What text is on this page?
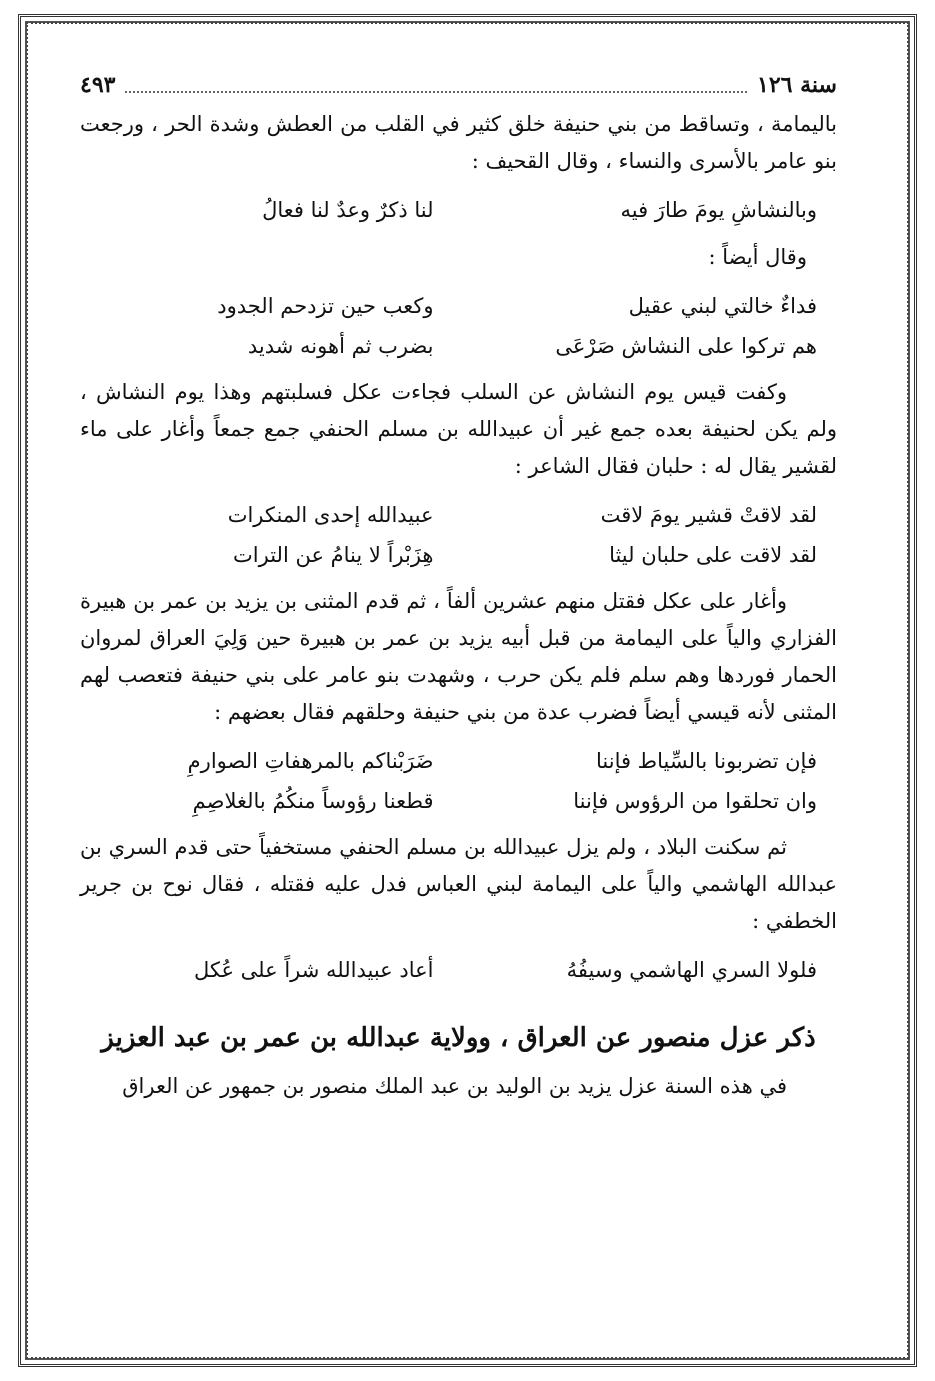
سنة ١٢٦
٤٩٣

باليمامة ، وتساقط من بني حنيفة خلق كثير في القلب من العطش وشدة الحر ، ورجعت بنو عامر بالأسرى والنساء ، وقال القحيف :

وبالنشاشِ يومَ طارَ فيه
لنا ذكرٌ وعدٌ لنا فعالُ
وقال أيضاً :
فداءٌ خالتي لبني عقيل
وكعب حين تزدحم الجدود
هم تركوا على النشاش صَرْعَى
بضرب ثم أهونه شديد

وكفت قيس يوم النشاش عن السلب فجاءت عكل فسلبتهم وهذا يوم النشاش ، ولم يكن لحنيفة بعده جمع غير أن عبيدالله بن مسلم الحنفي جمع جمعاً وأغار على ماء لقشير يقال له : حلبان فقال الشاعر :

لقد لاقتْ قشير يومَ لاقت
عبيدالله إحدى المنكرات
لقد لاقت على حلبان ليثا
هِزَبْراً لا ينامُ عن الترات

وأغار على عكل فقتل منهم عشرين ألفاً ، ثم قدم المثنى بن يزيد بن عمر بن هبيرة الفزاري والياً على اليمامة من قبل أبيه يزيد بن عمر بن هبيرة حين وَلِيَ العراق لمروان الحمار فوردها وهم سلم فلم يكن حرب ، وشهدت بنو عامر على بني حنيفة فتعصب لهم المثنى لأنه قيسي أيضاً فضرب عدة من بني حنيفة وحلقهم فقال بعضهم :

فإن تضربونا بالسِّياط فإننا
ضَرَبْناكم بالمرهفاتِ الصوارمِ
وان تحلقوا من الرؤوس فإننا
قطعنا رؤوساً منكُمُ بالغلاصِمِ

ثم سكنت البلاد ، ولم يزل عبيدالله بن مسلم الحنفي مستخفياً حتى قدم السري بن عبدالله الهاشمي والياً على اليمامة لبني العباس فدل عليه فقتله ، فقال نوح بن جرير الخطفي :

فلولا السري الهاشمي وسيفُهُ
أعاد عبيدالله شراً على عُكل
ذكر عزل منصور عن العراق ، وولاية عبدالله بن عمر بن عبد العزيز

في هذه السنة عزل يزيد بن الوليد بن عبد الملك منصور بن جمهور عن العراق
